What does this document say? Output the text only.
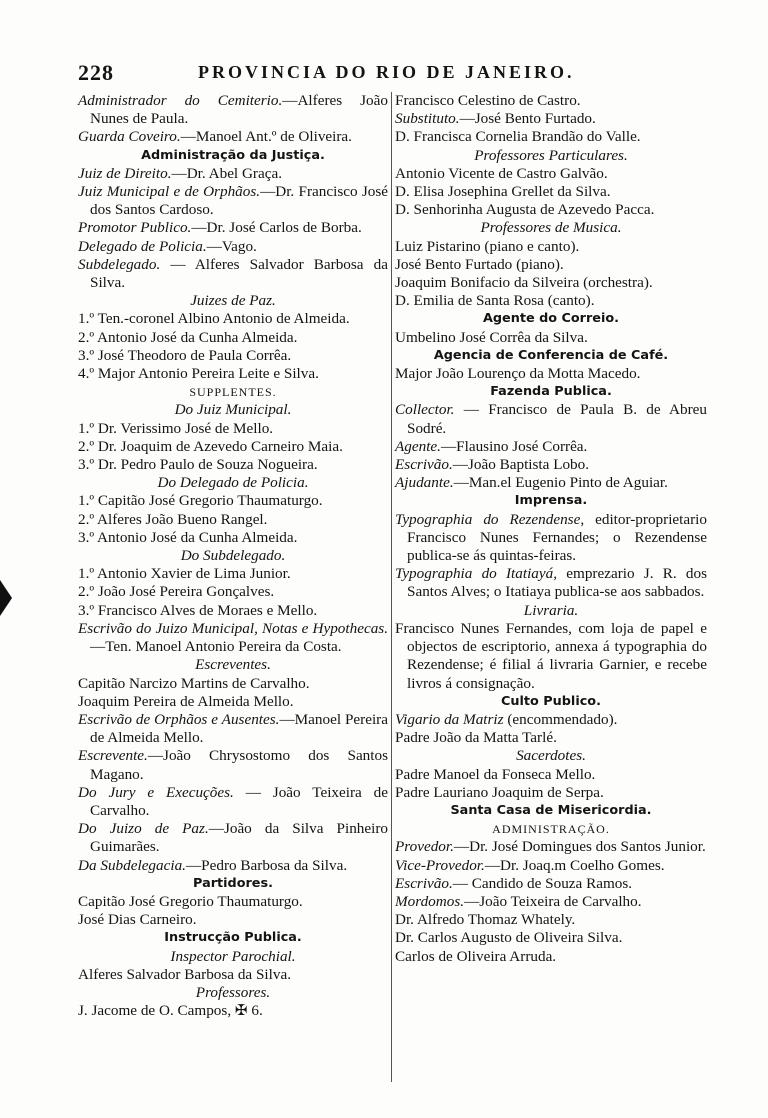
228	PROVINCIA DO RIO DE JANEIRO.

Administrador do Cemiterio.—Alferes João Nunes de Paula.

Guarda Coveiro.—Manoel Ant.º de Oliveira.

Administração da Justiça.

Juiz de Direito.—Dr. Abel Graça.

Juiz Municipal e de Orphãos.—Dr. Francisco José dos Santos Cardoso.

Promotor Publico.—Dr. José Carlos de Borba.

Delegado de Policia.—Vago.

Subdelegado. — Alferes Salvador Barbosa da Silva.

Juizes de Paz.

1.º Ten.-coronel Albino Antonio de Almeida.

2.º Antonio José da Cunha Almeida.

3.º José Theodoro de Paula Corrêa.

4.º Major Antonio Pereira Leite e Silva.

SUPPLENTES.

Do Juiz Municipal.

1.º Dr. Verissimo José de Mello.

2.º Dr. Joaquim de Azevedo Carneiro Maia.

3.º Dr. Pedro Paulo de Souza Nogueira.

Do Delegado de Policia.

1.º Capitão José Gregorio Thaumaturgo.

2.º Alferes João Bueno Rangel.

3.º Antonio José da Cunha Almeida.

Do Subdelegado.

1.º Antonio Xavier de Lima Junior.

2.º João José Pereira Gonçalves.

3.º Francisco Alves de Moraes e Mello.

Escrivão do Juizo Municipal, Notas e Hypothecas.—Ten. Manoel Antonio Pereira da Costa.

Escreventes.

Capitão Narcizo Martins de Carvalho.

Joaquim Pereira de Almeida Mello.

Escrivão de Orphãos e Ausentes.—Manoel Pereira de Almeida Mello.

Escrevente.—João Chrysostomo dos Santos Magano.

Do Jury e Execuções. — João Teixeira de Carvalho.

Do Juizo de Paz.—João da Silva Pinheiro Guimarães.

Da Subdelegacia.—Pedro Barbosa da Silva.

Partidores.

Capitão José Gregorio Thaumaturgo.

José Dias Carneiro.

Instrucção Publica.

Inspector Parochial.

Alferes Salvador Barbosa da Silva.

Professores.

J. Jacome de O. Campos, ✠ 6.

Francisco Celestino de Castro.

Substituto.—José Bento Furtado.

D. Francisca Cornelia Brandão do Valle.

Professores Particulares.

Antonio Vicente de Castro Galvão.

D. Elisa Josephina Grellet da Silva.

D. Senhorinha Augusta de Azevedo Pacca.

Professores de Musica.

Luiz Pistarino (piano e canto).

José Bento Furtado (piano).

Joaquim Bonifacio da Silveira (orchestra).

D. Emilia de Santa Rosa (canto).

Agente do Correio.

Umbelino José Corrêa da Silva.

Agencia de Conferencia de Café.

Major João Lourenço da Motta Macedo.

Fazenda Publica.

Collector. — Francisco de Paula B. de Abreu Sodré.

Agente.—Flausino José Corrêa.

Escrivão.—João Baptista Lobo.

Ajudante.—Man.el Eugenio Pinto de Aguiar.

Imprensa.

Typographia do Rezendense, editor-proprietario Francisco Nunes Fernandes; o Rezendense publica-se ás quintas-feiras.

Typographia do Itatiayá, emprezario J. R. dos Santos Alves; o Itatiaya publica-se aos sabbados.

Livraria.

Francisco Nunes Fernandes, com loja de papel e objectos de escriptorio, annexa á typographia do Rezendense; é filial á livraria Garnier, e recebe livros á consignação.

Culto Publico.

Vigario da Matriz (encommendado).

Padre João da Matta Tarlé.

Sacerdotes.

Padre Manoel da Fonseca Mello.

Padre Lauriano Joaquim de Serpa.

Santa Casa de Misericordia.

ADMINISTRAÇÃO.

Provedor.—Dr. José Domingues dos Santos Junior.

Vice-Provedor.—Dr. Joaq.m Coelho Gomes.

Escrivão.— Candido de Souza Ramos.

Mordomos.—João Teixeira de Carvalho.

Dr. Alfredo Thomaz Whately.

Dr. Carlos Augusto de Oliveira Silva.

Carlos de Oliveira Arruda.
